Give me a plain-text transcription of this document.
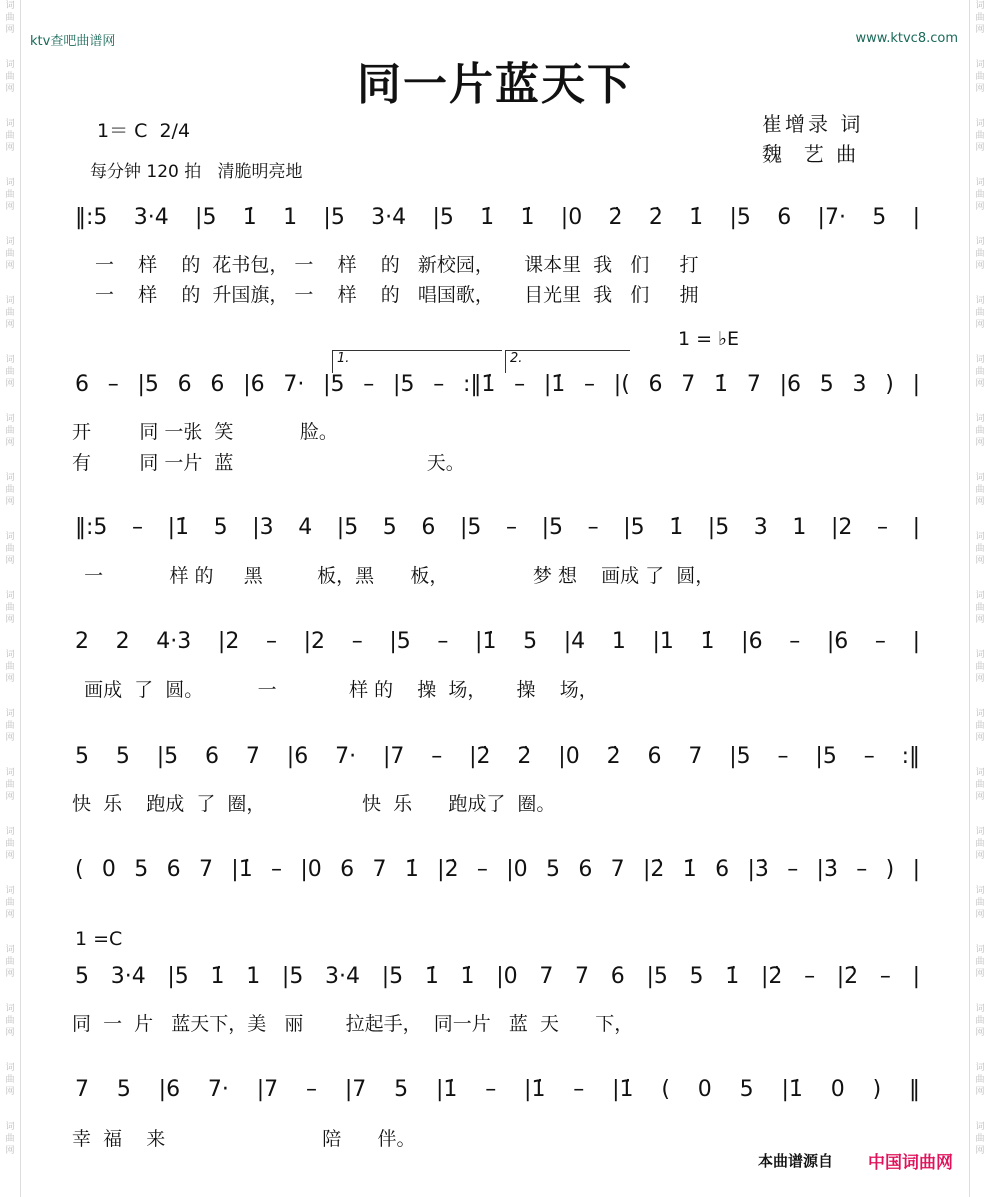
词曲网
词曲网
词曲网
词曲网
词曲网
词曲网
词曲网
词曲网
词曲网
词曲网
词曲网
词曲网
词曲网
词曲网
词曲网
词曲网
词曲网
词曲网
词曲网
词曲网
词曲网
词曲网
词曲网
词曲网
词曲网
词曲网
词曲网
词曲网
词曲网
词曲网
词曲网
词曲网
词曲网
词曲网
词曲网
词曲网
词曲网
词曲网
词曲网
词曲网
ktv查吧曲谱网	www.ktvc8.com
同一片蓝天下
1＝ C  2/4	崔增录 词
魏  艺 曲
每分钟 120 拍   清脆明亮地
‖:5 3·4 |5 1̇ 1 |5 3·4 |5 1̇ 1̇ |0 2̇ 2̇ 1̇ |5 6 |7· 5 |
一    样    的  花书包， 一    样    的   新校园，     课本里  我   们     打
一    样    的  升国旗， 一    样    的   唱国歌，     目光里  我   们     拥
1 = ♭E
1.	2.
6 – |5 6 6 |6 7· |5 – |5 – :‖1̇ – |1̇ – |( 6 7 1̇ 7 |6 5 3 ) |
开        同 一张  笑           脸。
有        同 一片  蓝                                天。
‖:5 – |1̇ 5 |3 4 |5 5 6 |5 – |5 – |5 1̇ |5 3 1 |2 – |
一           样 的     黑         板，黑      板，              梦 想    画成 了  圆，
2 2 4·3 |2 – |2 – |5 – |1̇ 5 |4 1 |1 1̇ |6 – |6 – |
画成  了  圆。         一            样 的    操  场，     操    场，
5 5 |5 6 7 |6 7· |7 – |2̇ 2̇ |0 2̇ 6 7 |5 – |5 – :‖
快  乐    跑成  了  圈，                快  乐      跑成了  圈。
( 0 5 6 7 |1̇ – |0 6 7 1̇ |2̇ – |0 5 6 7 |2̇ 1̇ 6 |3̇ – |3̇ – ) |
1 =C
5 3·4 |5 1̇ 1 |5 3·4 |5 1̇ 1̇ |0 7 7 6 |5 5 1̇ |2̇ – |2̇ – |
同  一  片   蓝天下，美   丽       拉起手，  同一片   蓝  天      下，
7 5 |6 7· |7 – |7 5 |1̇ – |1̇ – |1̇ ( 0 5 |1̇ 0 ) ‖
幸  福    来                          陪      伴。
本曲谱源自 中国词曲网
